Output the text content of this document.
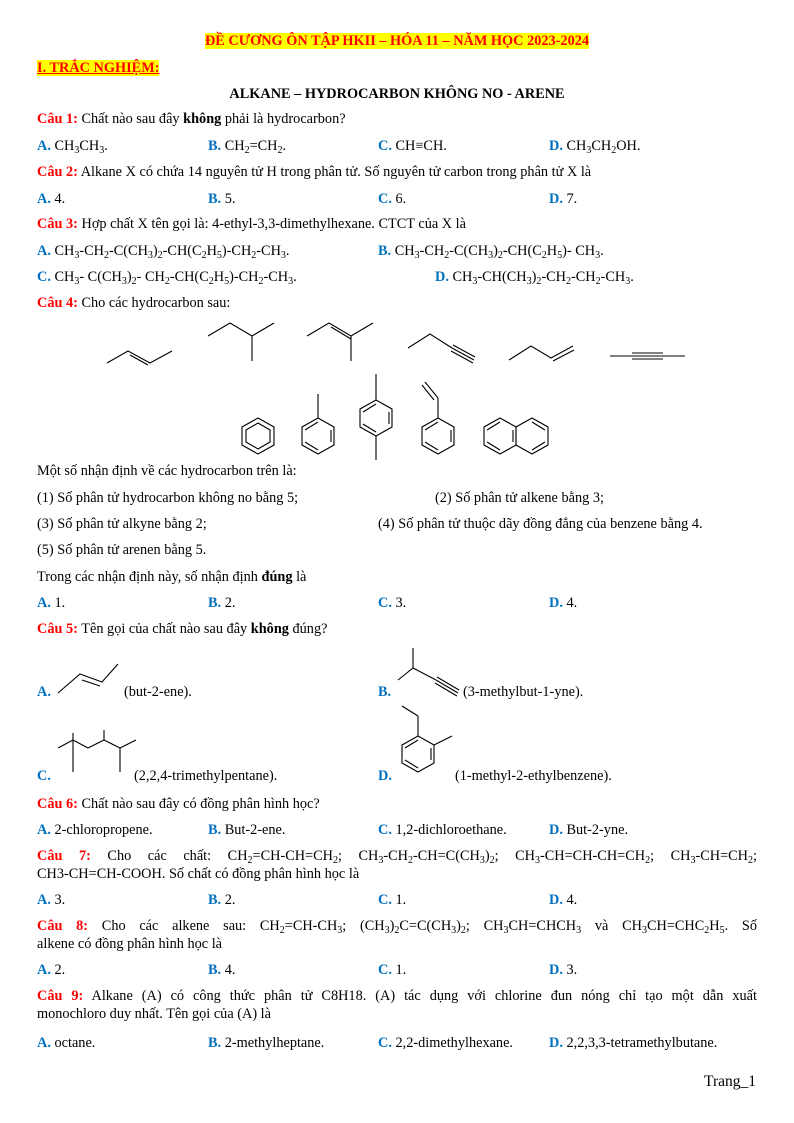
ĐỀ CƯƠNG ÔN TẬP HKII – HÓA 11 – NĂM HỌC 2023-2024
I. TRẮC NGHIỆM:
ALKANE – HYDROCARBON KHÔNG NO - ARENE
Câu 1: Chất nào sau đây không phải là hydrocarbon?
A. $CH_3CH_3$.	B. $CH_2=CH_2$.	C. CH≡CH.	D. $CH_3CH_2OH$.
Câu 2: Alkane X có chứa 14 nguyên tử H trong phân tử. Số nguyên tử carbon trong phân tử X là
A. 4.	B. 5.	C. 6.	D. 7.
Câu 3: Hợp chất X tên gọi là: 4-ethyl-3,3-dimethylhexane. CTCT của X là
A. $CH_3-CH_2-C(CH_3)_2-CH(C_2H_5)-CH_2-CH_3$.	B. $CH_3-CH_2-C(CH_3)_2-CH(C_2H_5)-$ $CH_3$.
C. $CH_3-$ $C(CH_3)_2-$ $CH_2-CH(C_2H_5)-CH_2-CH_3$.	D. $CH_3-CH(CH_3)_2-CH_2-CH_2-CH_3$.
Câu 4: Cho các hydrocarbon sau:
Một số nhận định về các hydrocarbon trên là:
(1) Số phân tử hydrocarbon không no bằng 5;	(2) Số phân tử alkene bằng 3;
(3) Số phân tử alkyne bằng 2;	(4) Số phân tử thuộc dãy đồng đẳng của benzene bằng 4.
(5) Số phân tử arenen bằng 5.
Trong các nhận định này, số nhận định đúng là
A. 1.	B. 2.	C. 3.	D. 4.
Câu 5: Tên gọi của chất nào sau đây không đúng?
A.	(but-2-ene).	B.	(3-methylbut-1-yne).
C.	(2,2,4-trimethylpentane).	D.	(1-methyl-2-ethylbenzene).
Câu 6: Chất nào sau đây có đồng phân hình học?
A. 2-chloropropene.	B. But-2-ene.	C. 1,2-dichloroethane.	D. But-2-yne.
Câu 7: Cho các chất: $CH_2=CH-CH=CH_2$; $CH_3-CH_2-CH=C(CH_3)_2$; $CH_3-CH=CH-CH=CH_2$; $CH_3-CH=CH_2$;
CH3-CH=CH-COOH. Số chất có đồng phân hình học là
A. 3.	B. 2.	C. 1.	D. 4.
Câu 8: Cho các alkene sau: $CH_2=CH-CH_3$; $(CH_3)_2C=C(CH_3)_2$; $CH_3CH=CHCH_3$ và $CH_3CH=CHC_2H_5$. Số
alkene có đồng phân hình học là
A. 2.	B. 4.	C. 1.	D. 3.
Câu 9: Alkane (A) có công thức phân tử C8H18. (A) tác dụng với chlorine đun nóng chỉ tạo một dẫn xuất
monochloro duy nhất. Tên gọi của (A) là
A. octane.	B. 2-methylheptane.	C. 2,2-dimethylhexane.	D. 2,2,3,3-tetramethylbutane.
Trang_1
